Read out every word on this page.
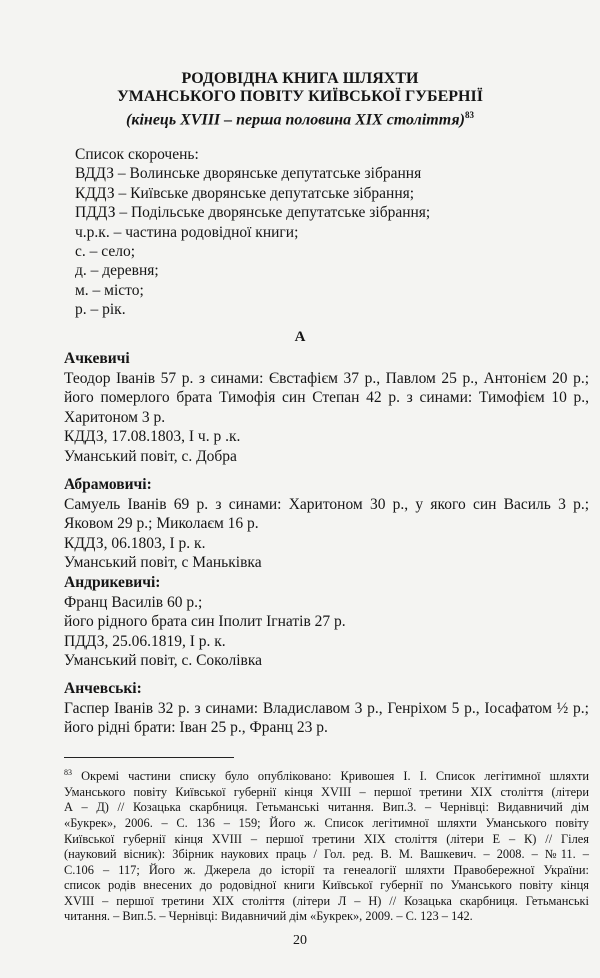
РОДОВІДНА КНИГА ШЛЯХТИ
УМАНСЬКОГО ПОВІТУ КИЇВСЬКОЇ ГУБЕРНІЇ
(кінець XVIII – перша половина XIX століття)$^{83}$
Список скорочень:
ВДДЗ – Волинське дворянське депутатське зібрання
КДДЗ – Київське дворянське депутатське зібрання;
ПДДЗ – Подільське дворянське депутатське зібрання;
ч.р.к. – частина родовідної книги;
с. – село;
д. – деревня;
м. – місто;
р. – рік.
А
Ачкевичі
Теодор Іванів 57 р. з синами: Євстафієм 37 р., Павлом 25 р., Антонієм 20 р.;
його померлого брата Тимофія син Степан 42 р. з синами: Тимофієм 10 р.,
Харитоном 3 р.
КДДЗ, 17.08.1803, І ч. р .к.
Уманський повіт, с. Добра
Абрамовичі:
Самуель Іванів 69 р. з синами: Харитоном 30 р., у якого син Василь 3 р.;
Яковом 29 р.; Миколаєм 16 р.
КДДЗ, 06.1803, І р. к.
Уманський повіт, с Маньківка
Андрикевичі:
Франц Василів 60 р.;
його рідного брата син Іполит Ігнатів 27 р.
ПДДЗ, 25.06.1819, І р. к.
Уманський повіт, с. Соколівка
Анчевські:
Гаспер Іванів 32 р. з синами: Владиславом 3 р., Генріхом 5 р., Іосафатом ½ р.;
його рідні брати: Іван 25 р., Франц 23 р.
$^{83}$ Окремі частини списку було опубліковано: Кривошея І. І. Список легітимної шляхти
Уманського повіту Київської губернії кінця XVIII – першої третини XIX століття (літери
А – Д) // Козацька скарбниця. Гетьманські читання. Вип.3. – Чернівці: Видавничий дім
«Букрек», 2006. – С. 136 – 159; Його ж. Список легітимної шляхти Уманського повіту
Київської губернії кінця XVIII – першої третини XIX століття (літери Е – К) // Гілея
(науковий вісник): Збірник наукових праць / Гол. ред. В. М. Вашкевич. – 2008. – №11. –
С.106 – 117; Його ж. Джерела до історії та генеалогії шляхти Правобережної України:
список родів внесених до родовідної книги Київської губернії по Уманського повіту кінця
XVIII – першої третини XIX століття (літери Л – Н) // Козацька скарбниця. Гетьманські
читання. – Вип.5. – Чернівці: Видавничий дім «Букрек», 2009. – С. 123 – 142.
20
